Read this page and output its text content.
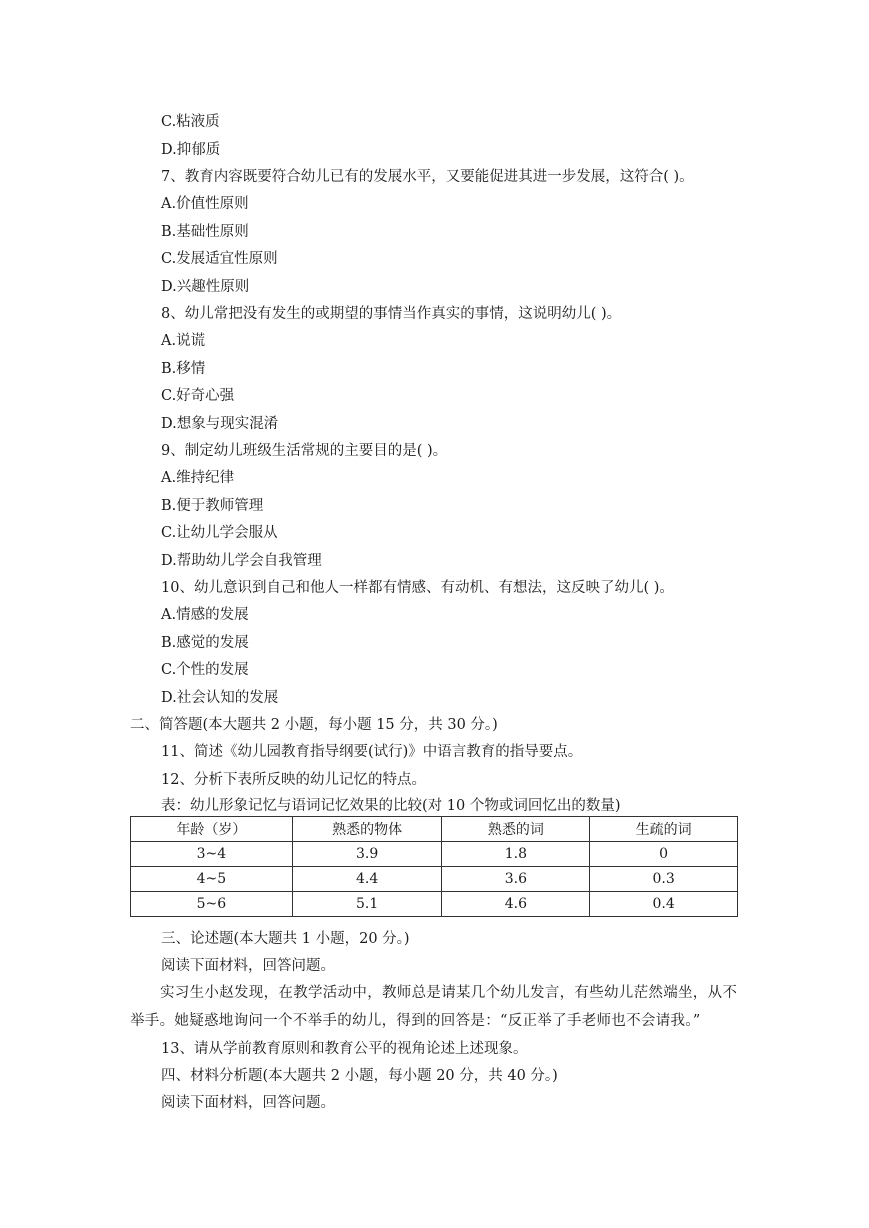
C.粘液质
D.抑郁质
7、教育内容既要符合幼儿已有的发展水平，又要能促进其进一步发展，这符合( )。
A.价值性原则
B.基础性原则
C.发展适宜性原则
D.兴趣性原则
8、幼儿常把没有发生的或期望的事情当作真实的事情，这说明幼儿( )。
A.说谎
B.移情
C.好奇心强
D.想象与现实混淆
9、制定幼儿班级生活常规的主要目的是( )。
A.维持纪律
B.便于教师管理
C.让幼儿学会服从
D.帮助幼儿学会自我管理
10、幼儿意识到自己和他人一样都有情感、有动机、有想法，这反映了幼儿( )。
A.情感的发展
B.感觉的发展
C.个性的发展
D.社会认知的发展
二、简答题(本大题共 2 小题，每小题 15 分，共 30 分。)
11、简述《幼儿园教育指导纲要(试行)》中语言教育的指导要点。
12、分析下表所反映的幼儿记忆的特点。
表：幼儿形象记忆与语词记忆效果的比较(对 10 个物或词回忆出的数量)
年龄（岁）	熟悉的物体	熟悉的词	生疏的词
3~4	3.9	1.8	0
4~5	4.4	3.6	0.3
5~6	5.1	4.6	0.4
三、论述题(本大题共 1 小题，20 分。)
阅读下面材料，回答问题。
实习生小赵发现，在教学活动中，教师总是请某几个幼儿发言，有些幼儿茫然端坐，从不举手。她疑惑地询问一个不举手的幼儿，得到的回答是：“反正举了手老师也不会请我。”
13、请从学前教育原则和教育公平的视角论述上述现象。
四、材料分析题(本大题共 2 小题，每小题 20 分，共 40 分。)
阅读下面材料，回答问题。
